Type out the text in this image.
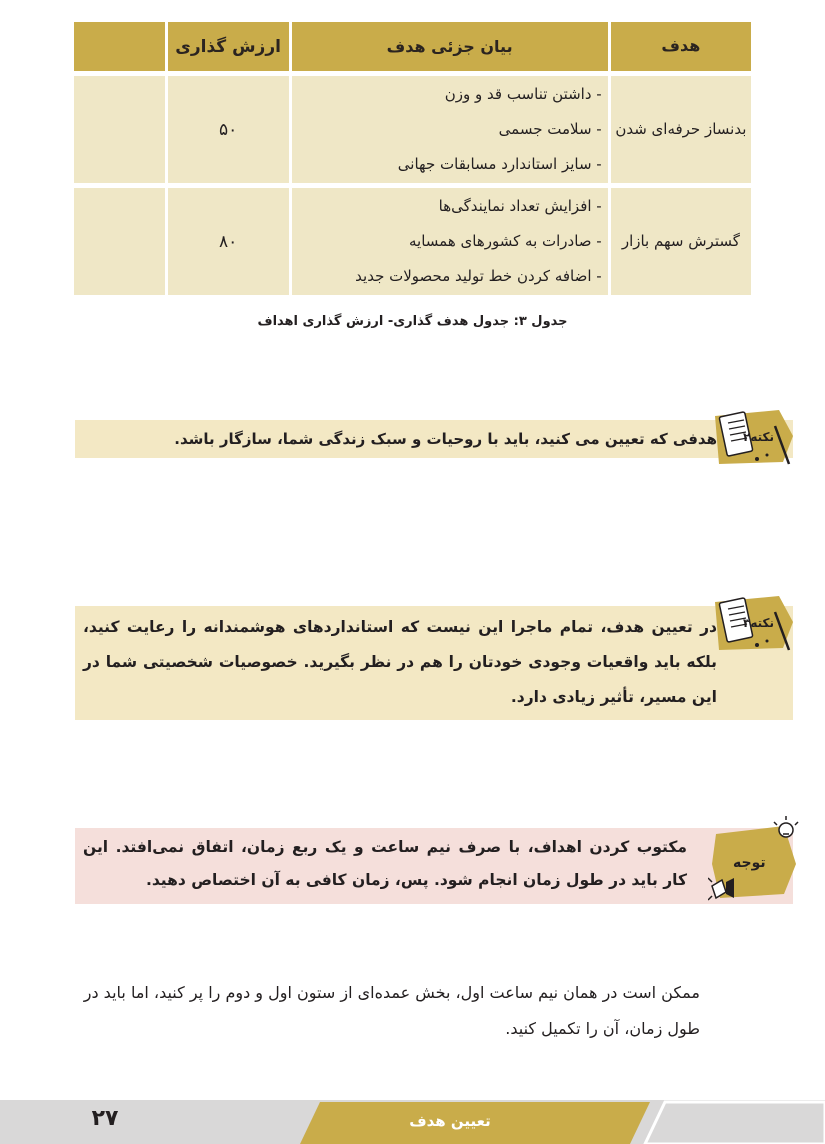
هدف	بیان جزئی هدف	ارزش گذاری	

بدنساز حرفه‌ای شدن	- داشتن تناسب قد و وزن
- سلامت جسمی
- سایز استاندارد مسابقات جهانی	۵۰	

گسترش سهم بازار	- افزایش تعداد نمایندگی‌ها
- صادرات به کشورهای همسایه
- اضافه کردن خط تولید محصولات جدید	۸۰	
جدول ۳: جدول هدف گذاری- ارزش گذاری اهداف
هدفی که تعیین می کنید، باید با روحیات و سبک زندگی شما، سازگار باشد. نکته۲
در تعیین هدف، تمام ماجرا این نیست که استانداردهای هوشمندانه را رعایت کنید، بلکه باید واقعیات وجودی خودتان را هم در نظر بگیرید. خصوصیات شخصیتی شما در این مسیر، تأثیر زیادی دارد.
نکته۳
مکتوب کردن اهداف، با صرف نیم ساعت و یک ربع زمان، اتفاق نمی‌افتد. این کار باید در طول زمان انجام شود. پس، زمان کافی به آن اختصاص دهید.
توجه
ممکن است در همان نیم ساعت اول، بخش عمده‌ای از ستون اول و دوم را پر کنید، اما باید در طول زمان، آن را تکمیل کنید.
تعیین هدف
۲۷
